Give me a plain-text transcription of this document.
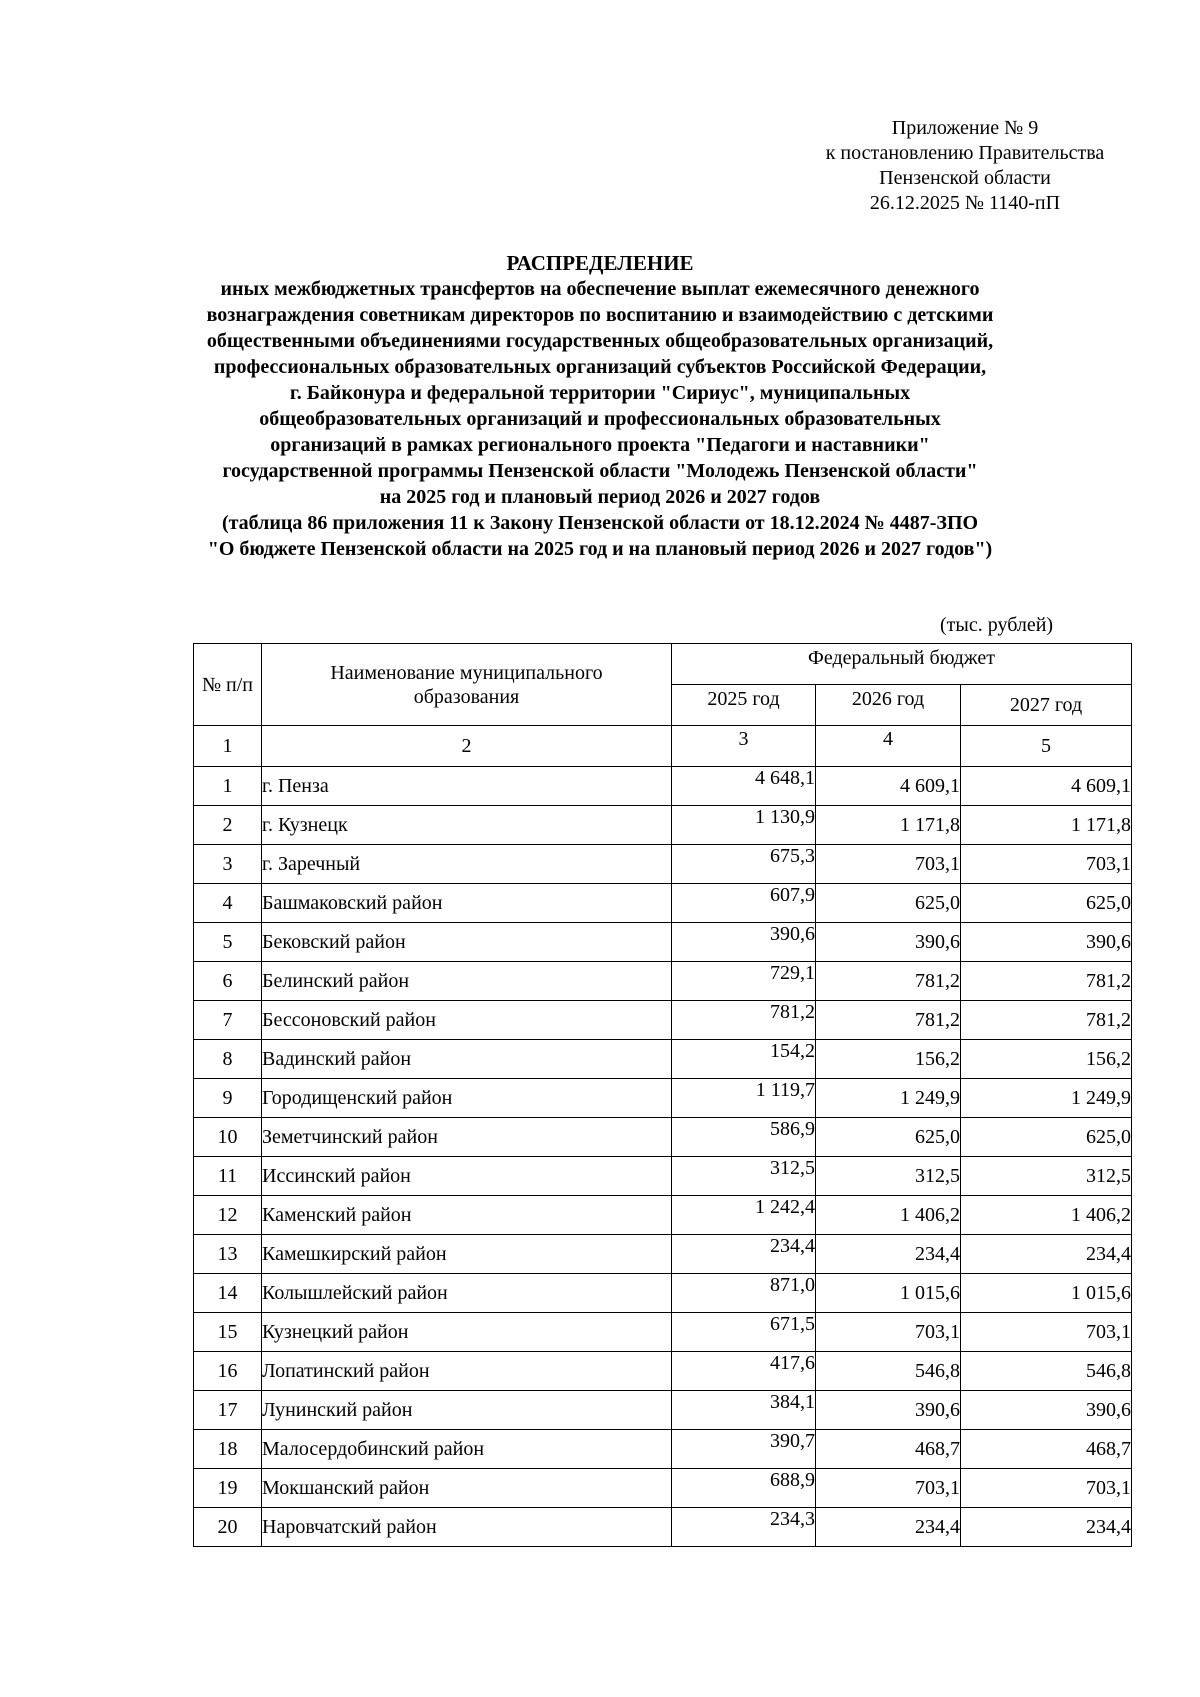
Приложение № 9
к постановлению Правительства
Пензенской области
26.12.2025 № 1140-пП
РАСПРЕДЕЛЕНИЕ
иных межбюджетных трансфертов на обеспечение выплат ежемесячного денежного
вознаграждения советникам директоров по воспитанию и взаимодействию с детскими
общественными объединениями государственных общеобразовательных организаций,
профессиональных образовательных организаций субъектов Российской Федерации,
г. Байконура и федеральной территории "Сириус", муниципальных
общеобразовательных организаций и профессиональных образовательных
организаций в рамках регионального проекта "Педагоги и наставники"
государственной программы Пензенской области "Молодежь Пензенской области"
на 2025 год и плановый период 2026 и 2027 годов
(таблица 86 приложения 11 к Закону Пензенской области от 18.12.2024 № 4487-ЗПО
"О бюджете Пензенской области на 2025 год и на плановый период 2026 и 2027 годов")
(тыс. рублей)
№ п/п	Наименование муниципального образования	Федеральный бюджет		
		2025 год	2026 год	2027 год
1	2	3	4	5
1	г. Пенза	4 648,1	4 609,1	4 609,1
2	г. Кузнецк	1 130,9	1 171,8	1 171,8
3	г. Заречный	675,3	703,1	703,1
4	Башмаковский район	607,9	625,0	625,0
5	Бековский район	390,6	390,6	390,6
6	Белинский район	729,1	781,2	781,2
7	Бессоновский район	781,2	781,2	781,2
8	Вадинский район	154,2	156,2	156,2
9	Городищенский район	1 119,7	1 249,9	1 249,9
10	Земетчинский район	586,9	625,0	625,0
11	Иссинский район	312,5	312,5	312,5
12	Каменский район	1 242,4	1 406,2	1 406,2
13	Камешкирский район	234,4	234,4	234,4
14	Колышлейский район	871,0	1 015,6	1 015,6
15	Кузнецкий район	671,5	703,1	703,1
16	Лопатинский район	417,6	546,8	546,8
17	Лунинский район	384,1	390,6	390,6
18	Малосердобинский район	390,7	468,7	468,7
19	Мокшанский район	688,9	703,1	703,1
20	Наровчатский район	234,3	234,4	234,4
